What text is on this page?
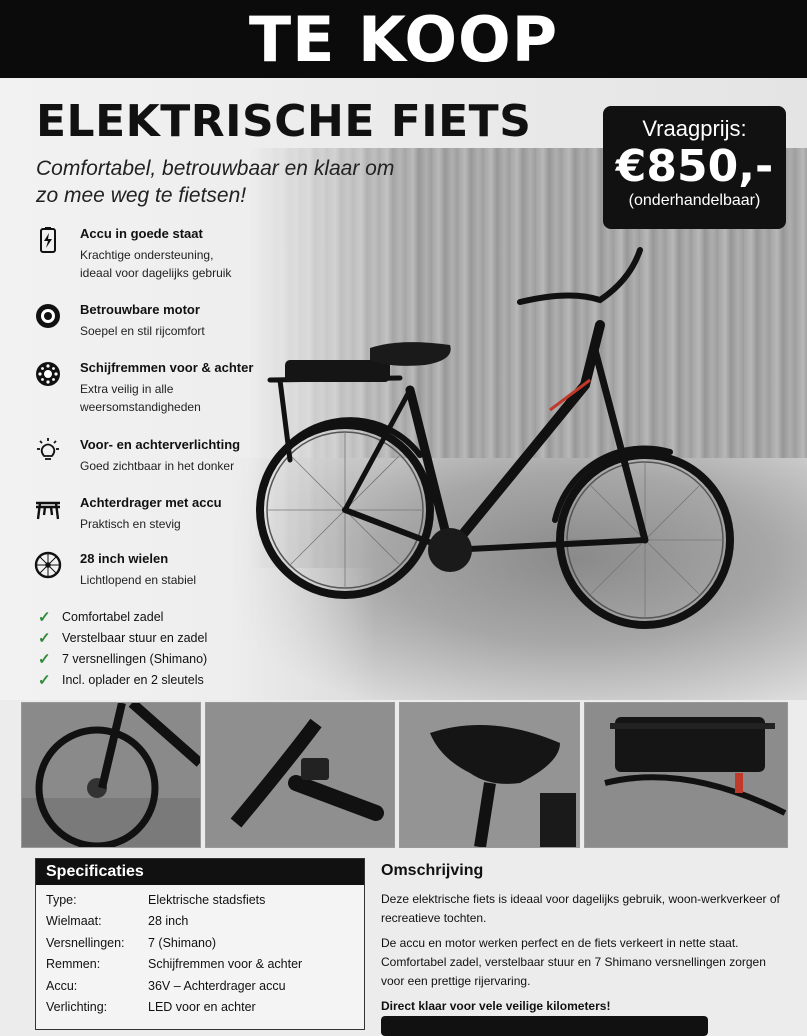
TE KOOP
ELEKTRISCHE FIETS
Comfortabel, betrouwbaar en klaar om zo mee weg te fietsen!
Vraagprijs:
€850,-
(onderhandelbaar)
Accu in goede staat
Krachtige ondersteuning,
ideaal voor dagelijks gebruik
Betrouwbare motor
Soepel en stil rijcomfort
Schijfremmen voor & achter
Extra veilig in alle
weersomstandigheden
Voor- en achterverlichting
Goed zichtbaar in het donker
Achterdrager met accu
Praktisch en stevig
28 inch wielen
Lichtlopend en stabiel
✓ Comfortabel zadel
✓ Verstelbaar stuur en zadel
✓ 7 versnellingen (Shimano)
✓ Incl. oplader en 2 sleutels
Specificaties
Type:	Elektrische stadsfiets
Wielmaat:	28 inch
Versnellingen:	7 (Shimano)
Remmen:	Schijfremmen voor & achter
Accu:	36V – Achterdrager accu
Verlichting:	LED voor en achter
Omschrijving

Deze elektrische fiets is ideaal voor dagelijks gebruik, woon-werkverkeer of recreatieve tochten.

De accu en motor werken perfect en de fiets verkeert in nette staat. Comfortabel zadel, verstelbaar stuur en 7 Shimano versnellingen zorgen voor een prettige rijervaring.

Direct klaar voor vele veilige kilometers!
